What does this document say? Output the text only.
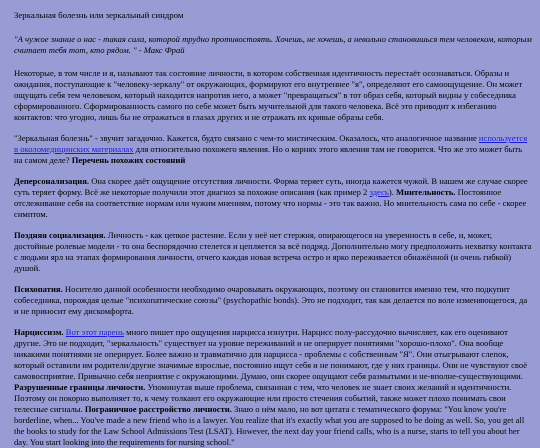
Зеркальная болезнь или зеркальный синдром

"А чужое знание о нас - такая сила, которой трудно противостоять. Хочешь, не хочешь, а невольно становишься тем человеком, которым считает тебя тот, кто рядом. " - Макс Фрай

Некоторые, в том числе и я, называют так состояние личности, в котором собственная идентичность перестаёт осознаваться. Образы и ожидания, поступающие к "человеку-зеркалу" от окружающих, формируют его внутреннее "я", определяют его самоощущение. Он может ощущать себя тем человеком, который находится напротив него, а может "превращаться" в тот образ себя, который видны у собеседника сформированного. Сформированность самого по себе может быть мучительной для такого человека. Всё это приводит к избеганию контактов: что угодно, лишь бы не отражаться в глазах других и не отражать их кривые образы себя.

"Зеркальная болезнь" - звучит загадочно. Кажется, будто связано с чем-то мистическим. Оказалось, что аналогичное название используется в околомедицинских материалах для относительно похожего явления. Но о корнях этого явления там не говорится. Что же это может быть на самом деле? Перечень похожих состояний

Деперсонализация. Она скорее даёт ощущение отсутствия личности. Форма теряет суть, иногда кажется чужой. В нашем же случае скорее суть теряет форму. Всё же некоторые получили этот диагноз за похожие описания (как пример 2 здесь). Мнительность. Постоянное отслеживание себя на соответствие нормам или чужим мнениям, потому что нормы - это так важно. Но мнительность сама по себе - скорее симптом.

Поздняя социализация. Личность - как цепкое растение. Если у неё нет стержня, опирающегося на уверенность в себе, и, может, достойные ролевые модели - то она беспорядочно стелется и цепляется за всё подряд. Дополнительно могу предположить нехватку контакта с людьми ярл на этапах формирования личности, отчего каждая новая встреча остро и ярко переживается обнажённой (и очень гибкой) душой.

Психопатия. Носителю данной особенности необходимо очаровывать окружающих, поэтому он становится именно тем, что подкупит собеседника, порождая целые "психопатические союзы" (psychopathic bonds). Это не подходит, так как делается по воле изменяющегося, да и не приносит ему дискомфорта.

Нарциссизм. Вот этот парень много пишет про ощущения нарцисса изнутри. Нарцисс полу-рассудочно вычисляет, как его оценивают другие. Это не подходит, "зеркальность" существует на уровне переживаний и не оперирует понятиями "хорошо-плохо". Она вообще никакими понятиями не оперирует. Более важно и травматично для нарцисса - проблемы с собственным "Я". Они отыгрывают слепок, который оставили им родители/другие значимые взрослые, постоянно ищут себя и не понимают, где у них границы. Они не чувствуют своё самовосприятие. Привычно себя неприятие с окружающими. Думаю, они скорее ощущают себя размытыми и не-вполне-существующими. Разрушенные границы личности. Упоминутая выше проблема, связанная с тем, что человек не знает своих желаний и идентичности. Поэтому он покорно выполняет то, к чему толкают его окружающие или просто стечения событий, также может плохо понимать свои телесные сигналы. Пограничное расстройство личности. Знаю о нём мало, но вот цитата с тематического форума: "You know you're borderline, when... You've made a new friend who is a lawyer. You realize that it's exactly what you are supposed to be doing as well. So, you get all the books to study for the Law School Admissions Test (LSAT). However, the next day your friend calls, who is a nurse, starts to tell you about her day. You start looking into the requirements for nursing school."
